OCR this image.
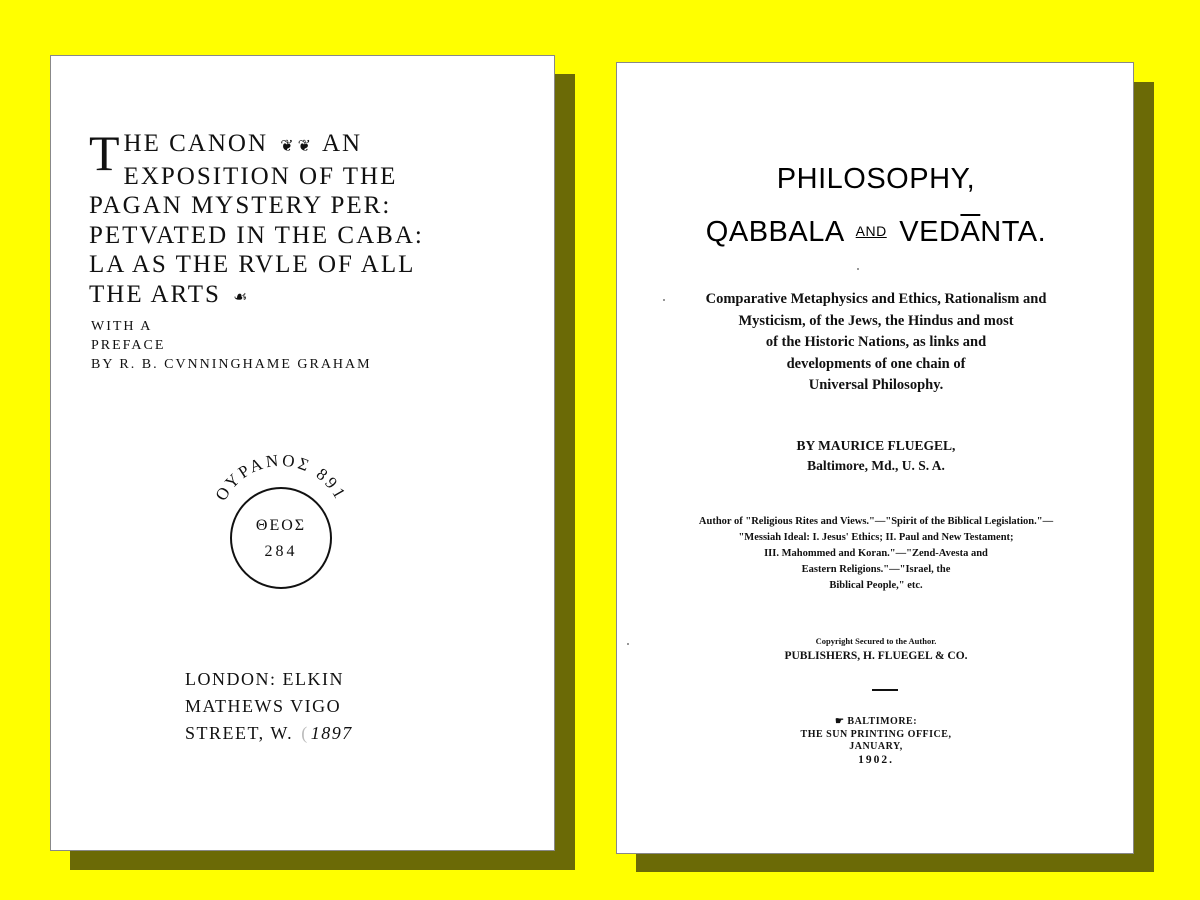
T HE CANON  ❦ ❦  AN
EXPOSITION OF THE
PAGAN MYSTERY PER:
PETVATED IN THE CABA:
LA AS THE RVLE OF ALL
THE ARTS  ☙
WITH A
PREFACE
BY R. B. CVNNINGHAME GRAHAM
ΟΥΡΑΝΟΣ 891
ΘΕΟΣ
284
LONDON: ELKIN
MATHEWS VIGO
STREET, W. ( 1897
PHILOSOPHY,
QABBALA AND $VED\overline{A}NTA$.
Comparative Metaphysics and Ethics, Rationalism and
Mysticism, of the Jews, the Hindus and most
of the Historic Nations, as links and
developments of one chain of
Universal Philosophy.
BY MAURICE FLUEGEL,
Baltimore, Md., U. S. A.
Author of "Religious Rites and Views."—"Spirit of the Biblical Legislation."—
"Messiah Ideal: I. Jesus' Ethics; II. Paul and New Testament;
III. Mahommed and Koran."—"Zend-Avesta and
Eastern Religions."—"Israel, the
Biblical People," etc.
Copyright Secured to the Author.
PUBLISHERS, H. FLUEGEL & CO.
☛ BALTIMORE:
THE SUN PRINTING OFFICE,
JANUARY,
1902.
